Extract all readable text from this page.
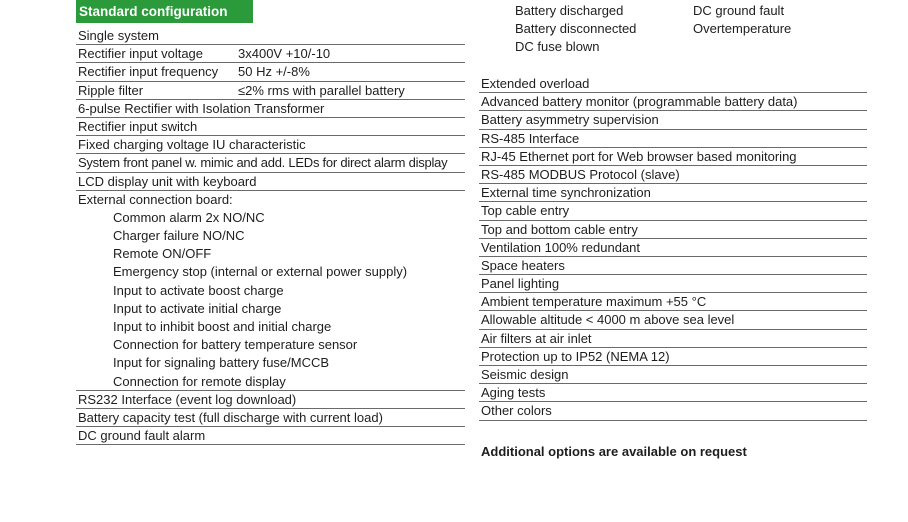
Standard configuration
Single system
Rectifier input voltage	3x400V +10/-10
Rectifier input frequency 50 Hz +/-8%
Ripple filter	≤2% rms with parallel battery
6-pulse Rectifier with Isolation Transformer
Rectifier input switch
Fixed charging voltage IU characteristic
System front panel w. mimic and add. LEDs for direct alarm display
LCD display unit with keyboard
External connection board:
Common alarm 2x NO/NC
Charger failure NO/NC
Remote ON/OFF
Emergency stop (internal or external power supply)
Input to activate boost charge
Input to activate initial charge
Input to inhibit boost and initial charge
Connection for battery temperature sensor
Input for signaling battery fuse/MCCB
Connection for remote display
RS232 Interface (event log download)
Battery capacity test (full discharge with current load)
DC ground fault alarm
Battery discharged
Battery disconnected
DC fuse blown
DC ground fault
Overtemperature
Extended overload
Advanced battery monitor (programmable battery data)
Battery asymmetry supervision
RS-485 Interface
RJ-45 Ethernet port for Web browser based monitoring
RS-485 MODBUS Protocol (slave)
External time synchronization
Top cable entry
Top and bottom cable entry
Ventilation 100% redundant
Space heaters
Panel lighting
Ambient temperature maximum +55 °C
Allowable altitude < 4000 m above sea level
Air filters at air inlet
Protection up to IP52 (NEMA 12)
Seismic design
Aging tests
Other colors
Additional options are available on request
